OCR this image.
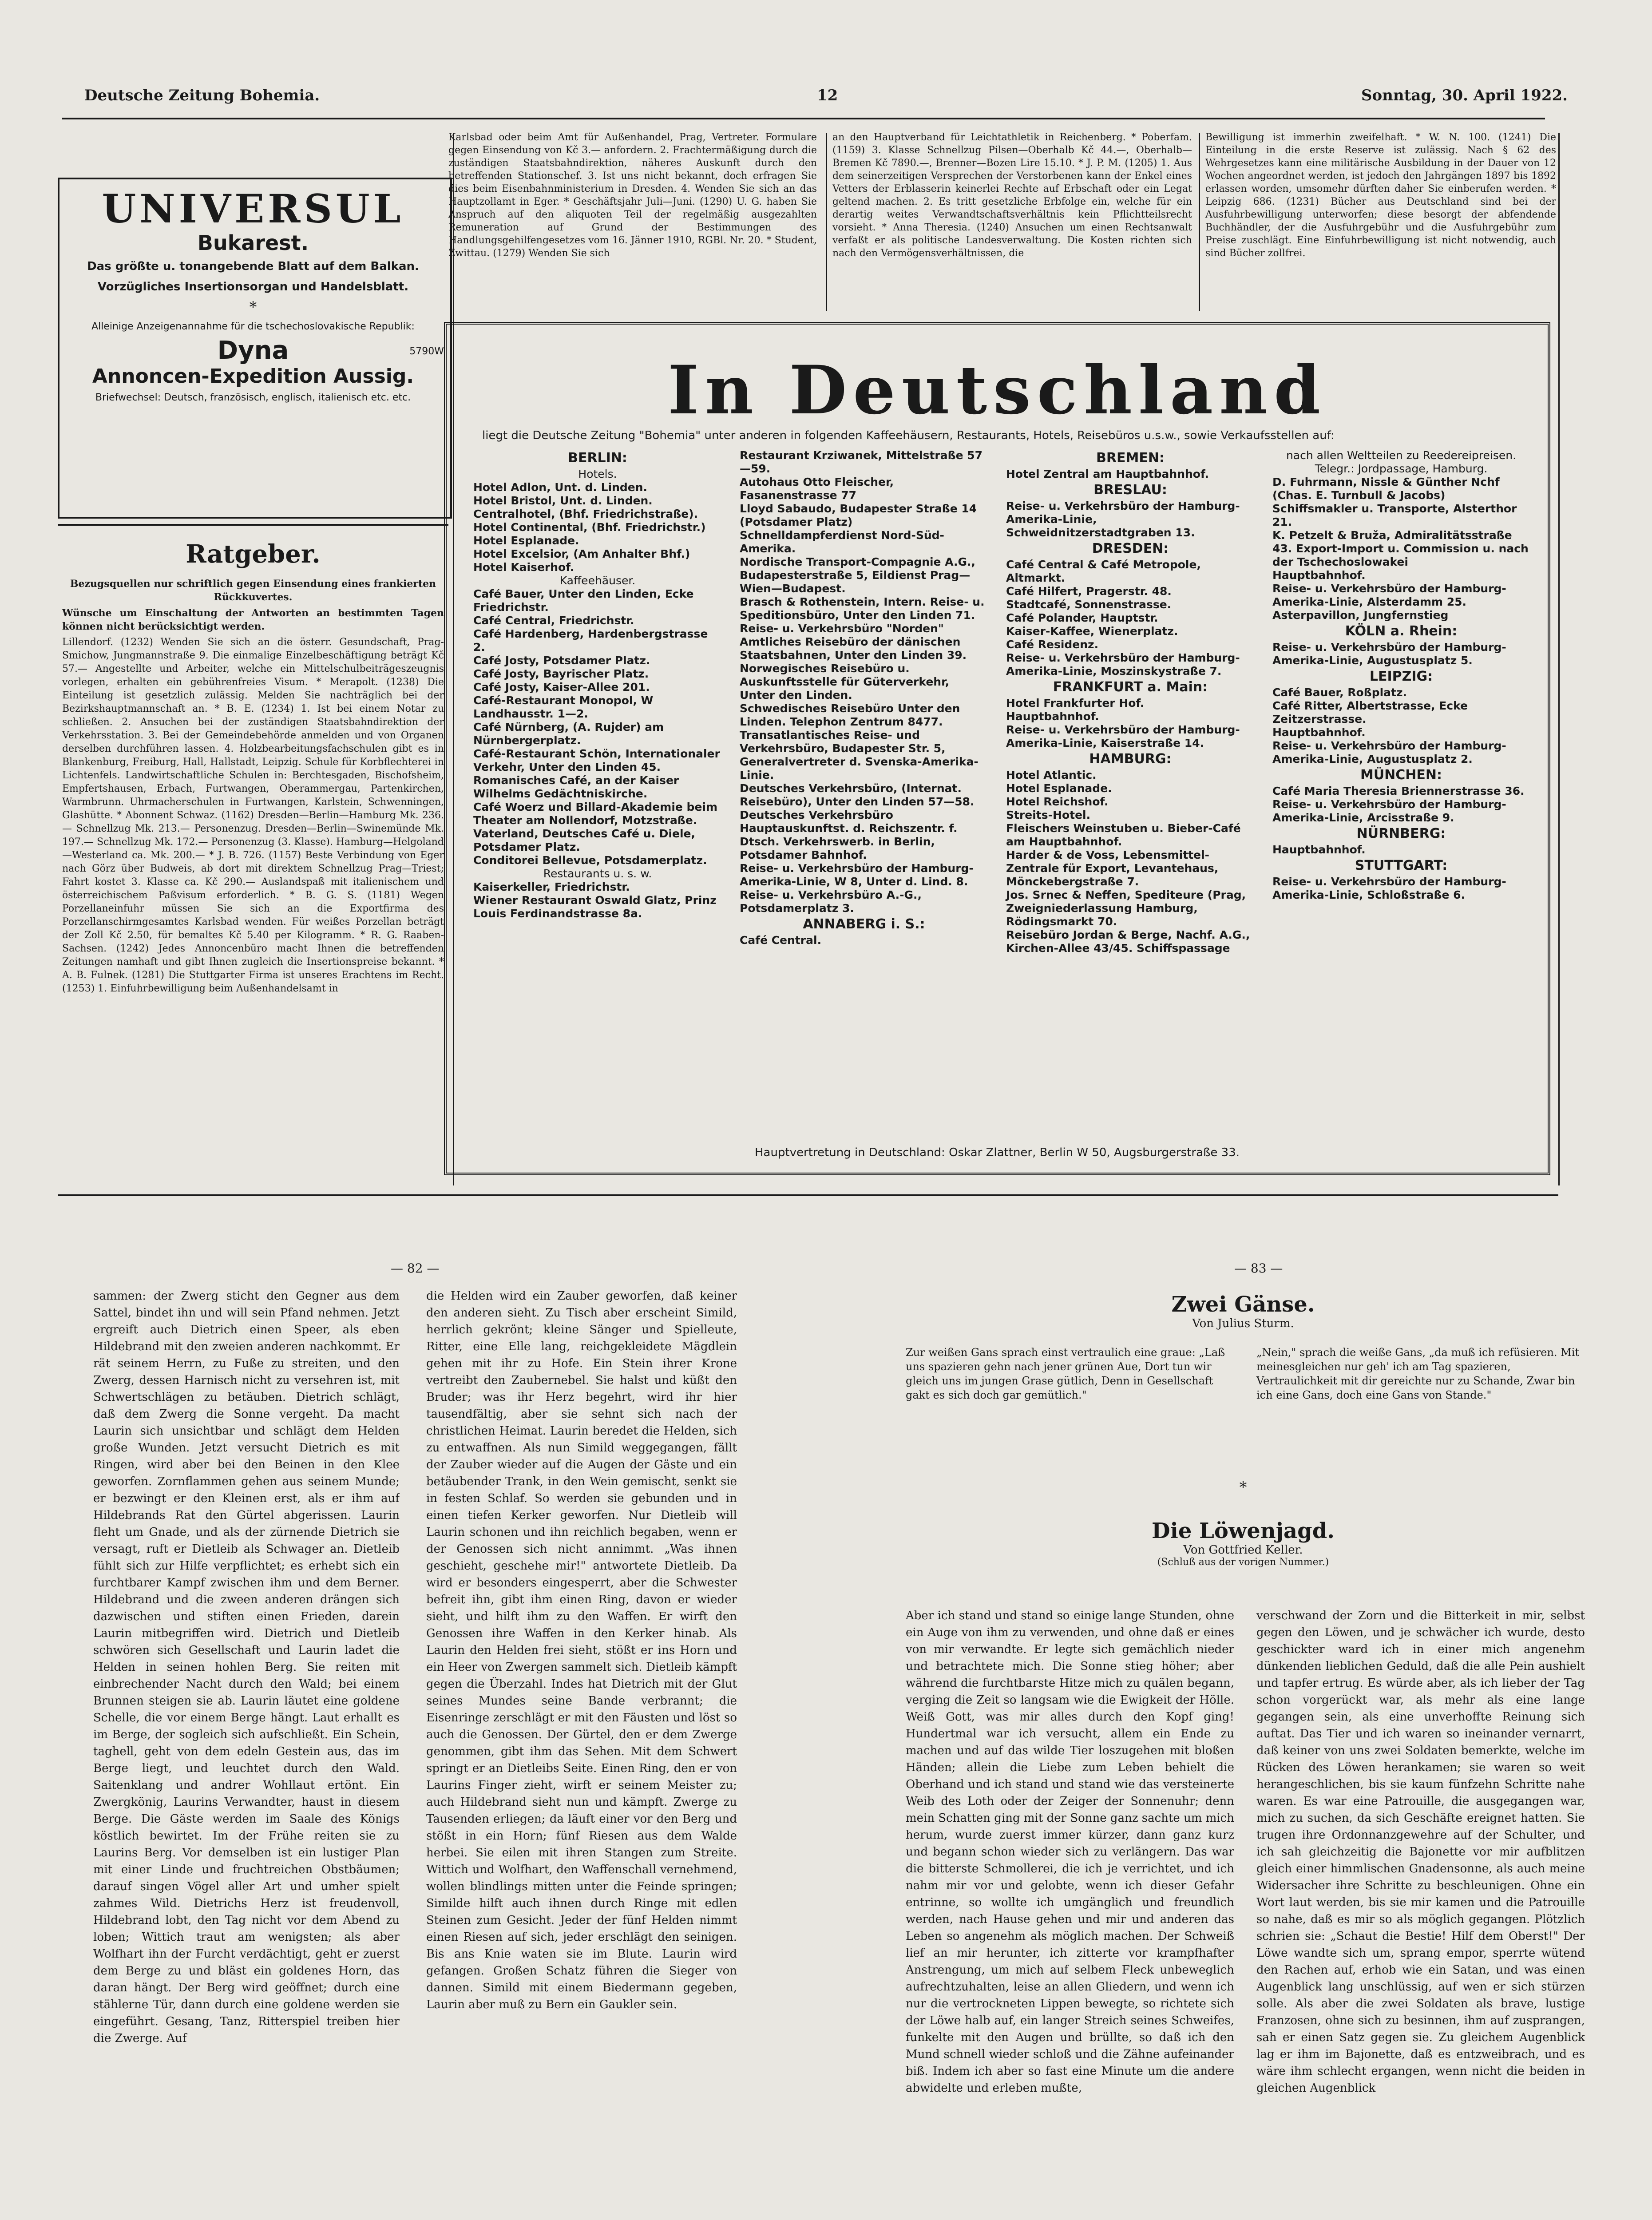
Deutsche Zeitung Bohemia.	12	Sonntag, 30. April 1922.
UNIVERSUL
Bukarest.
Das größte u. tonangebende Blatt auf dem Balkan.
Vorzügliches Insertionsorgan und Handelsblatt.
*
Alleinige Anzeigenannahme für die tschechoslovakische Republik:
Dyna	5790W
Annoncen-Expedition Aussig.
Briefwechsel: Deutsch, französisch, englisch, italienisch etc. etc.
Ratgeber.

Bezugsquellen nur schriftlich gegen Einsendung eines frankierten Rückkuvertes.

Wünsche um Einschaltung der Antworten an bestimmten Tagen können nicht berücksichtigt werden.

Lillendorf. (1232) Wenden Sie sich an die österr. Gesundschaft, Prag-Smichow, Jungmannstraße 9. Die einmalige Einzelbeschäftigung beträgt Kč 57.— Angestellte und Arbeiter, welche ein Mittelschulbeiträgeszeugnis vorlegen, erhalten ein gebührenfreies Visum. * Merapolt. (1238) Die Einteilung ist gesetzlich zulässig. Melden Sie nachträglich bei der Bezirkshauptmannschaft an. * B. E. (1234) 1. Ist bei einem Notar zu schließen. 2. Ansuchen bei der zuständigen Staatsbahndirektion der Verkehrsstation. 3. Bei der Gemeindebehörde anmelden und von Organen derselben durchführen lassen. 4. Holzbearbeitungsfachschulen gibt es in Blankenburg, Freiburg, Hall, Hallstadt, Leipzig. Schule für Korbflechterei in Lichtenfels. Landwirtschaftliche Schulen in: Berchtesgaden, Bischofsheim, Empfertshausen, Erbach, Furtwangen, Oberammergau, Partenkirchen, Warmbrunn. Uhrmacherschulen in Furtwangen, Karlstein, Schwenningen, Glashütte. * Abonnent Schwaz. (1162) Dresden—Berlin—Hamburg Mk. 236.— Schnellzug Mk. 213.— Personenzug. Dresden—Berlin—Swinemünde Mk. 197.— Schnellzug Mk. 172.— Personenzug (3. Klasse). Hamburg—Helgoland—Westerland ca. Mk. 200.— * J. B. 726. (1157) Beste Verbindung von Eger nach Görz über Budweis, ab dort mit direktem Schnellzug Prag—Triest; Fahrt kostet 3. Klasse ca. Kč 290.— Auslandspaß mit italienischem und österreichischem Paßvisum erforderlich. * B. G. S. (1181) Wegen Porzellaneinfuhr müssen Sie sich an die Exportfirma des Porzellanschirmgesamtes Karlsbad wenden. Für weißes Porzellan beträgt der Zoll Kč 2.50, für bemaltes Kč 5.40 per Kilogramm. * R. G. Raaben-Sachsen. (1242) Jedes Annoncenbüro macht Ihnen die betreffenden Zeitungen namhaft und gibt Ihnen zugleich die Insertionspreise bekannt. * A. B. Fulnek. (1281) Die Stuttgarter Firma ist unseres Erachtens im Recht. (1253) 1. Einfuhrbewilligung beim Außenhandelsamt in

Karlsbad oder beim Amt für Außenhandel, Prag, Vertreter. Formulare gegen Einsendung von Kč 3.— anfordern. 2. Frachtermäßigung durch die zuständigen Staatsbahndirektion, näheres Auskunft durch den betreffenden Stationschef. 3. Ist uns nicht bekannt, doch erfragen Sie dies beim Eisenbahnministerium in Dresden. 4. Wenden Sie sich an das Hauptzollamt in Eger. * Geschäftsjahr Juli—Juni. (1290) U. G. haben Sie Anspruch auf den aliquoten Teil der regelmäßig ausgezahlten Remuneration auf Grund der Bestimmungen des Handlungsgehilfengesetzes vom 16. Jänner 1910, RGBl. Nr. 20. * Student, Zwittau. (1279) Wenden Sie sich

an den Hauptverband für Leichtathletik in Reichenberg. * Poberfam. (1159) 3. Klasse Schnellzug Pilsen—Oberhalb Kč 44.—, Oberhalb—Bremen Kč 7890.—, Brenner—Bozen Lire 15.10. * J. P. M. (1205) 1. Aus dem seinerzeitigen Versprechen der Verstorbenen kann der Enkel eines Vetters der Erblasserin keinerlei Rechte auf Erbschaft oder ein Legat geltend machen. 2. Es tritt gesetzliche Erbfolge ein, welche für ein derartig weites Verwandtschaftsverhältnis kein Pflichtteilsrecht vorsieht. * Anna Theresia. (1240) Ansuchen um einen Rechtsanwalt verfaßt er als politische Landesverwaltung. Die Kosten richten sich nach den Vermögensverhältnissen, die

Bewilligung ist immerhin zweifelhaft. * W. N. 100. (1241) Die Einteilung in die erste Reserve ist zulässig. Nach § 62 des Wehrgesetzes kann eine militärische Ausbildung in der Dauer von 12 Wochen angeordnet werden, ist jedoch den Jahrgängen 1897 bis 1892 erlassen worden, umsomehr dürften daher Sie einberufen werden. * Leipzig 686. (1231) Bücher aus Deutschland sind bei der Ausfuhrbewilligung unterworfen; diese besorgt der abfendende Buchhändler, der die Ausfuhrgebühr und die Ausfuhrgebühr zum Preise zuschlägt. Eine Einfuhrbewilligung ist nicht notwendig, auch sind Bücher zollfrei.

In Deutschland
liegt die Deutsche Zeitung "Bohemia" unter anderen in folgenden Kaffeehäusern, Restaurants, Hotels, Reisebüros u.s.w., sowie Verkaufsstellen auf:
BERLIN:
Hotels.
Hotel Adlon, Unt. d. Linden.
Hotel Bristol, Unt. d. Linden.
Centralhotel, (Bhf. Friedrichstraße).
Hotel Continental, (Bhf. Friedrichstr.)
Hotel Esplanade.
Hotel Excelsior, (Am Anhalter Bhf.)
Hotel Kaiserhof.
Kaffeehäuser.
Café Bauer, Unter den Linden, Ecke Friedrichstr.
Café Central, Friedrichstr.
Café Hardenberg, Hardenbergstrasse 2.
Café Josty, Potsdamer Platz.
Café Josty, Bayrischer Platz.
Café Josty, Kaiser-Allee 201.
Café-Restaurant Monopol, W Landhausstr. 1—2.
Café Nürnberg, (A. Rujder) am Nürnbergerplatz.
Café-Restaurant Schön, Internationaler Verkehr, Unter den Linden 45.
Romanisches Café, an der Kaiser Wilhelms Gedächtniskirche.
Café Woerz und Billard-Akademie beim Theater am Nollendorf, Motzstraße.
Vaterland, Deutsches Café u. Diele, Potsdamer Platz.
Conditorei Bellevue, Potsdamerplatz.
Restaurants u. s. w.
Kaiserkeller, Friedrichstr.
Wiener Restaurant Oswald Glatz, Prinz Louis Ferdinandstrasse 8a.
Restaurant Krziwanek, Mittelstraße 57—59.
Autohaus Otto Fleischer, Fasanenstrasse 77
Lloyd Sabaudo, Budapester Straße 14 (Potsdamer Platz) Schnelldampferdienst Nord-Süd-Amerika.
Nordische Transport-Compagnie A.G., Budapesterstraße 5, Eildienst Prag—Wien—Budapest.
Brasch & Rothenstein, Intern. Reise- u. Speditionsbüro, Unter den Linden 71.
Reise- u. Verkehrsbüro "Norden" Amtliches Reisebüro der dänischen Staatsbahnen, Unter den Linden 39.
Norwegisches Reisebüro u. Auskunftsstelle für Güterverkehr, Unter den Linden.
Schwedisches Reisebüro Unter den Linden. Telephon Zentrum 8477.
Transatlantisches Reise- und Verkehrsbüro, Budapester Str. 5, Generalvertreter d. Svenska-Amerika-Linie.
Deutsches Verkehrsbüro, (Internat. Reisebüro), Unter den Linden 57—58.
Deutsches Verkehrsbüro Hauptauskunftst. d. Reichszentr. f. Dtsch. Verkehrswerb. in Berlin, Potsdamer Bahnhof.
Reise- u. Verkehrsbüro der Hamburg-Amerika-Linie, W 8, Unter d. Lind. 8.
Reise- u. Verkehrsbüro A.-G., Potsdamerplatz 3.
ANNABERG i. S.:
Café Central.
BREMEN:
Hotel Zentral am Hauptbahnhof.
BRESLAU:
Reise- u. Verkehrsbüro der Hamburg-Amerika-Linie, Schweidnitzerstadtgraben 13.
DRESDEN:
Café Central & Café Metropole, Altmarkt.
Café Hilfert, Pragerstr. 48.
Stadtcafé, Sonnenstrasse.
Café Polander, Hauptstr.
Kaiser-Kaffee, Wienerplatz.
Café Residenz.
Reise- u. Verkehrsbüro der Hamburg-Amerika-Linie, Moszinskystraße 7.
FRANKFURT a. Main:
Hotel Frankfurter Hof.
Hauptbahnhof.
Reise- u. Verkehrsbüro der Hamburg-Amerika-Linie, Kaiserstraße 14.
HAMBURG:
Hotel Atlantic.
Hotel Esplanade.
Hotel Reichshof.
Streits-Hotel.
Fleischers Weinstuben u. Bieber-Café am Hauptbahnhof.
Harder & de Voss, Lebensmittel-Zentrale für Export, Levantehaus, Mönckebergstraße 7.
Jos. Srnec & Neffen, Spediteure (Prag, Zweigniederlassung Hamburg, Rödingsmarkt 70.
Reisebüro Jordan & Berge, Nachf. A.G., Kirchen-Allee 43/45. Schiffspassage
nach allen Weltteilen zu Reedereipreisen. Telegr.: Jordpassage, Hamburg.
D. Fuhrmann, Nissle & Günther Nchf (Chas. E. Turnbull & Jacobs) Schiffsmakler u. Transporte, Alsterthor 21.
K. Petzelt & Bruža, Admiralitätsstraße 43. Export-Import u. Commission u. nach der Tschechoslowakei
Hauptbahnhof.
Reise- u. Verkehrsbüro der Hamburg-Amerika-Linie, Alsterdamm 25.
Asterpavillon, Jungfernstieg
KÖLN a. Rhein:
Reise- u. Verkehrsbüro der Hamburg-Amerika-Linie, Augustusplatz 5.
LEIPZIG:
Café Bauer, Roßplatz.
Café Ritter, Albertstrasse, Ecke Zeitzerstrasse.
Hauptbahnhof.
Reise- u. Verkehrsbüro der Hamburg-Amerika-Linie, Augustusplatz 2.
MÜNCHEN:
Café Maria Theresia Briennerstrasse 36.
Reise- u. Verkehrsbüro der Hamburg-Amerika-Linie, Arcisstraße 9.
NÜRNBERG:
Hauptbahnhof.
STUTTGART:
Reise- u. Verkehrsbüro der Hamburg-Amerika-Linie, Schloßstraße 6.
Hauptvertretung in Deutschland: Oskar Zlattner, Berlin W 50, Augsburgerstraße 33.
— 82 —	— 83 —

sammen: der Zwerg sticht den Gegner aus dem Sattel, bindet ihn und will sein Pfand nehmen. Jetzt ergreift auch Dietrich einen Speer, als eben Hildebrand mit den zweien anderen nachkommt. Er rät seinem Herrn, zu Fuße zu streiten, und den Zwerg, dessen Harnisch nicht zu versehren ist, mit Schwertschlägen zu betäuben. Dietrich schlägt, daß dem Zwerg die Sonne vergeht. Da macht Laurin sich unsichtbar und schlägt dem Helden große Wunden. Jetzt versucht Dietrich es mit Ringen, wird aber bei den Beinen in den Klee geworfen. Zornflammen gehen aus seinem Munde; er bezwingt er den Kleinen erst, als er ihm auf Hildebrands Rat den Gürtel abgerissen. Laurin fleht um Gnade, und als der zürnende Dietrich sie versagt, ruft er Dietleib als Schwager an. Dietleib fühlt sich zur Hilfe verpflichtet; es erhebt sich ein furchtbarer Kampf zwischen ihm und dem Berner. Hildebrand und die zween anderen drängen sich dazwischen und stiften einen Frieden, darein Laurin mitbegriffen wird. Dietrich und Dietleib schwören sich Gesellschaft und Laurin ladet die Helden in seinen hohlen Berg. Sie reiten mit einbrechender Nacht durch den Wald; bei einem Brunnen steigen sie ab. Laurin läutet eine goldene Schelle, die vor einem Berge hängt. Laut erhallt es im Berge, der sogleich sich aufschließt. Ein Schein, taghell, geht von dem edeln Gestein aus, das im Berge liegt, und leuchtet durch den Wald. Saitenklang und andrer Wohllaut ertönt. Ein Zwergkönig, Laurins Verwandter, haust in diesem Berge. Die Gäste werden im Saale des Königs köstlich bewirtet. Im der Frühe reiten sie zu Laurins Berg. Vor demselben ist ein lustiger Plan mit einer Linde und fruchtreichen Obstbäumen; darauf singen Vögel aller Art und umher spielt zahmes Wild. Dietrichs Herz ist freudenvoll, Hildebrand lobt, den Tag nicht vor dem Abend zu loben; Wittich traut am wenigsten; als aber Wolfhart ihn der Furcht verdächtigt, geht er zuerst dem Berge zu und bläst ein goldenes Horn, das daran hängt. Der Berg wird geöffnet; durch eine stählerne Tür, dann durch eine goldene werden sie eingeführt. Gesang, Tanz, Ritterspiel treiben hier die Zwerge. Auf

die Helden wird ein Zauber geworfen, daß keiner den anderen sieht. Zu Tisch aber erscheint Simild, herrlich gekrönt; kleine Sänger und Spielleute, Ritter, eine Elle lang, reichgekleidete Mägdlein gehen mit ihr zu Hofe. Ein Stein ihrer Krone vertreibt den Zaubernebel. Sie halst und küßt den Bruder; was ihr Herz begehrt, wird ihr hier tausendfältig, aber sie sehnt sich nach der christlichen Heimat. Laurin beredet die Helden, sich zu entwaffnen. Als nun Simild weggegangen, fällt der Zauber wieder auf die Augen der Gäste und ein betäubender Trank, in den Wein gemischt, senkt sie in festen Schlaf. So werden sie gebunden und in einen tiefen Kerker geworfen. Nur Dietleib will Laurin schonen und ihn reichlich begaben, wenn er der Genossen sich nicht annimmt. „Was ihnen geschieht, geschehe mir!" antwortete Dietleib. Da wird er besonders eingesperrt, aber die Schwester befreit ihn, gibt ihm einen Ring, davon er wieder sieht, und hilft ihm zu den Waffen. Er wirft den Genossen ihre Waffen in den Kerker hinab. Als Laurin den Helden frei sieht, stößt er ins Horn und ein Heer von Zwergen sammelt sich. Dietleib kämpft gegen die Überzahl. Indes hat Dietrich mit der Glut seines Mundes seine Bande verbrannt; die Eisenringe zerschlägt er mit den Fäusten und löst so auch die Genossen. Der Gürtel, den er dem Zwerge genommen, gibt ihm das Sehen. Mit dem Schwert springt er an Dietleibs Seite. Einen Ring, den er von Laurins Finger zieht, wirft er seinem Meister zu; auch Hildebrand sieht nun und kämpft. Zwerge zu Tausenden erliegen; da läuft einer vor den Berg und stößt in ein Horn; fünf Riesen aus dem Walde herbei. Sie eilen mit ihren Stangen zum Streite. Wittich und Wolfhart, den Waffenschall vernehmend, wollen blindlings mitten unter die Feinde springen; Similde hilft auch ihnen durch Ringe mit edlen Steinen zum Gesicht. Jeder der fünf Helden nimmt einen Riesen auf sich, jeder erschlägt den seinigen. Bis ans Knie waten sie im Blute. Laurin wird gefangen. Großen Schatz führen die Sieger von dannen. Simild mit einem Biedermann gegeben, Laurin aber muß zu Bern ein Gaukler sein.

Zwei Gänse.
Von Julius Sturm.
Zur weißen Gans sprach einst vertraulich eine graue: „Laß uns spazieren gehn nach jener grünen Aue, Dort tun wir gleich uns im jungen Grase gütlich, Denn in Gesellschaft gakt es sich doch gar gemütlich."
„Nein," sprach die weiße Gans, „da muß ich refüsieren. Mit meinesgleichen nur geh' ich am Tag spazieren, Vertraulichkeit mit dir gereichte nur zu Schande, Zwar bin ich eine Gans, doch eine Gans von Stande."
*
Die Löwenjagd.
Von Gottfried Keller.
(Schluß aus der vorigen Nummer.)

Aber ich stand und stand so einige lange Stunden, ohne ein Auge von ihm zu verwenden, und ohne daß er eines von mir verwandte. Er legte sich gemächlich nieder und betrachtete mich. Die Sonne stieg höher; aber während die furchtbarste Hitze mich zu quälen begann, verging die Zeit so langsam wie die Ewigkeit der Hölle. Weiß Gott, was mir alles durch den Kopf ging! Hundertmal war ich versucht, allem ein Ende zu machen und auf das wilde Tier loszugehen mit bloßen Händen; allein die Liebe zum Leben behielt die Oberhand und ich stand und stand wie das versteinerte Weib des Loth oder der Zeiger der Sonnenuhr; denn mein Schatten ging mit der Sonne ganz sachte um mich herum, wurde zuerst immer kürzer, dann ganz kurz und begann schon wieder sich zu verlängern. Das war die bitterste Schmollerei, die ich je verrichtet, und ich nahm mir vor und gelobte, wenn ich dieser Gefahr entrinne, so wollte ich umgänglich und freundlich werden, nach Hause gehen und mir und anderen das Leben so angenehm als möglich machen. Der Schweiß lief an mir herunter, ich zitterte vor krampfhafter Anstrengung, um mich auf selbem Fleck unbeweglich aufrechtzuhalten, leise an allen Gliedern, und wenn ich nur die vertrockneten Lippen bewegte, so richtete sich der Löwe halb auf, ein langer Streich seines Schweifes, funkelte mit den Augen und brüllte, so daß ich den Mund schnell wieder schloß und die Zähne aufeinander biß. Indem ich aber so fast eine Minute um die andere abwidelte und erleben mußte,

verschwand der Zorn und die Bitterkeit in mir, selbst gegen den Löwen, und je schwächer ich wurde, desto geschickter ward ich in einer mich angenehm dünkenden lieblichen Geduld, daß die alle Pein aushielt und tapfer ertrug. Es würde aber, als ich lieber der Tag schon vorgerückt war, als mehr als eine lange gegangen sein, als eine unverhoffte Reinung sich auftat. Das Tier und ich waren so ineinander vernarrt, daß keiner von uns zwei Soldaten bemerkte, welche im Rücken des Löwen herankamen; sie waren so weit herangeschlichen, bis sie kaum fünfzehn Schritte nahe waren. Es war eine Patrouille, die ausgegangen war, mich zu suchen, da sich Geschäfte ereignet hatten. Sie trugen ihre Ordonnanzgewehre auf der Schulter, und ich sah gleichzeitig die Bajonette vor mir aufblitzen gleich einer himmlischen Gnadensonne, als auch meine Widersacher ihre Schritte zu beschleunigen. Ohne ein Wort laut werden, bis sie mir kamen und die Patrouille so nahe, daß es mir so als möglich gegangen. Plötzlich schrien sie: „Schaut die Bestie! Hilf dem Oberst!" Der Löwe wandte sich um, sprang empor, sperrte wütend den Rachen auf, erhob wie ein Satan, und was einen Augenblick lang unschlüssig, auf wen er sich stürzen solle. Als aber die zwei Soldaten als brave, lustige Franzosen, ohne sich zu besinnen, ihm auf zusprangen, sah er einen Satz gegen sie. Zu gleichem Augenblick lag er ihm im Bajonette, daß es entzweibrach, und es wäre ihm schlecht ergangen, wenn nicht die beiden in gleichen Augenblick
